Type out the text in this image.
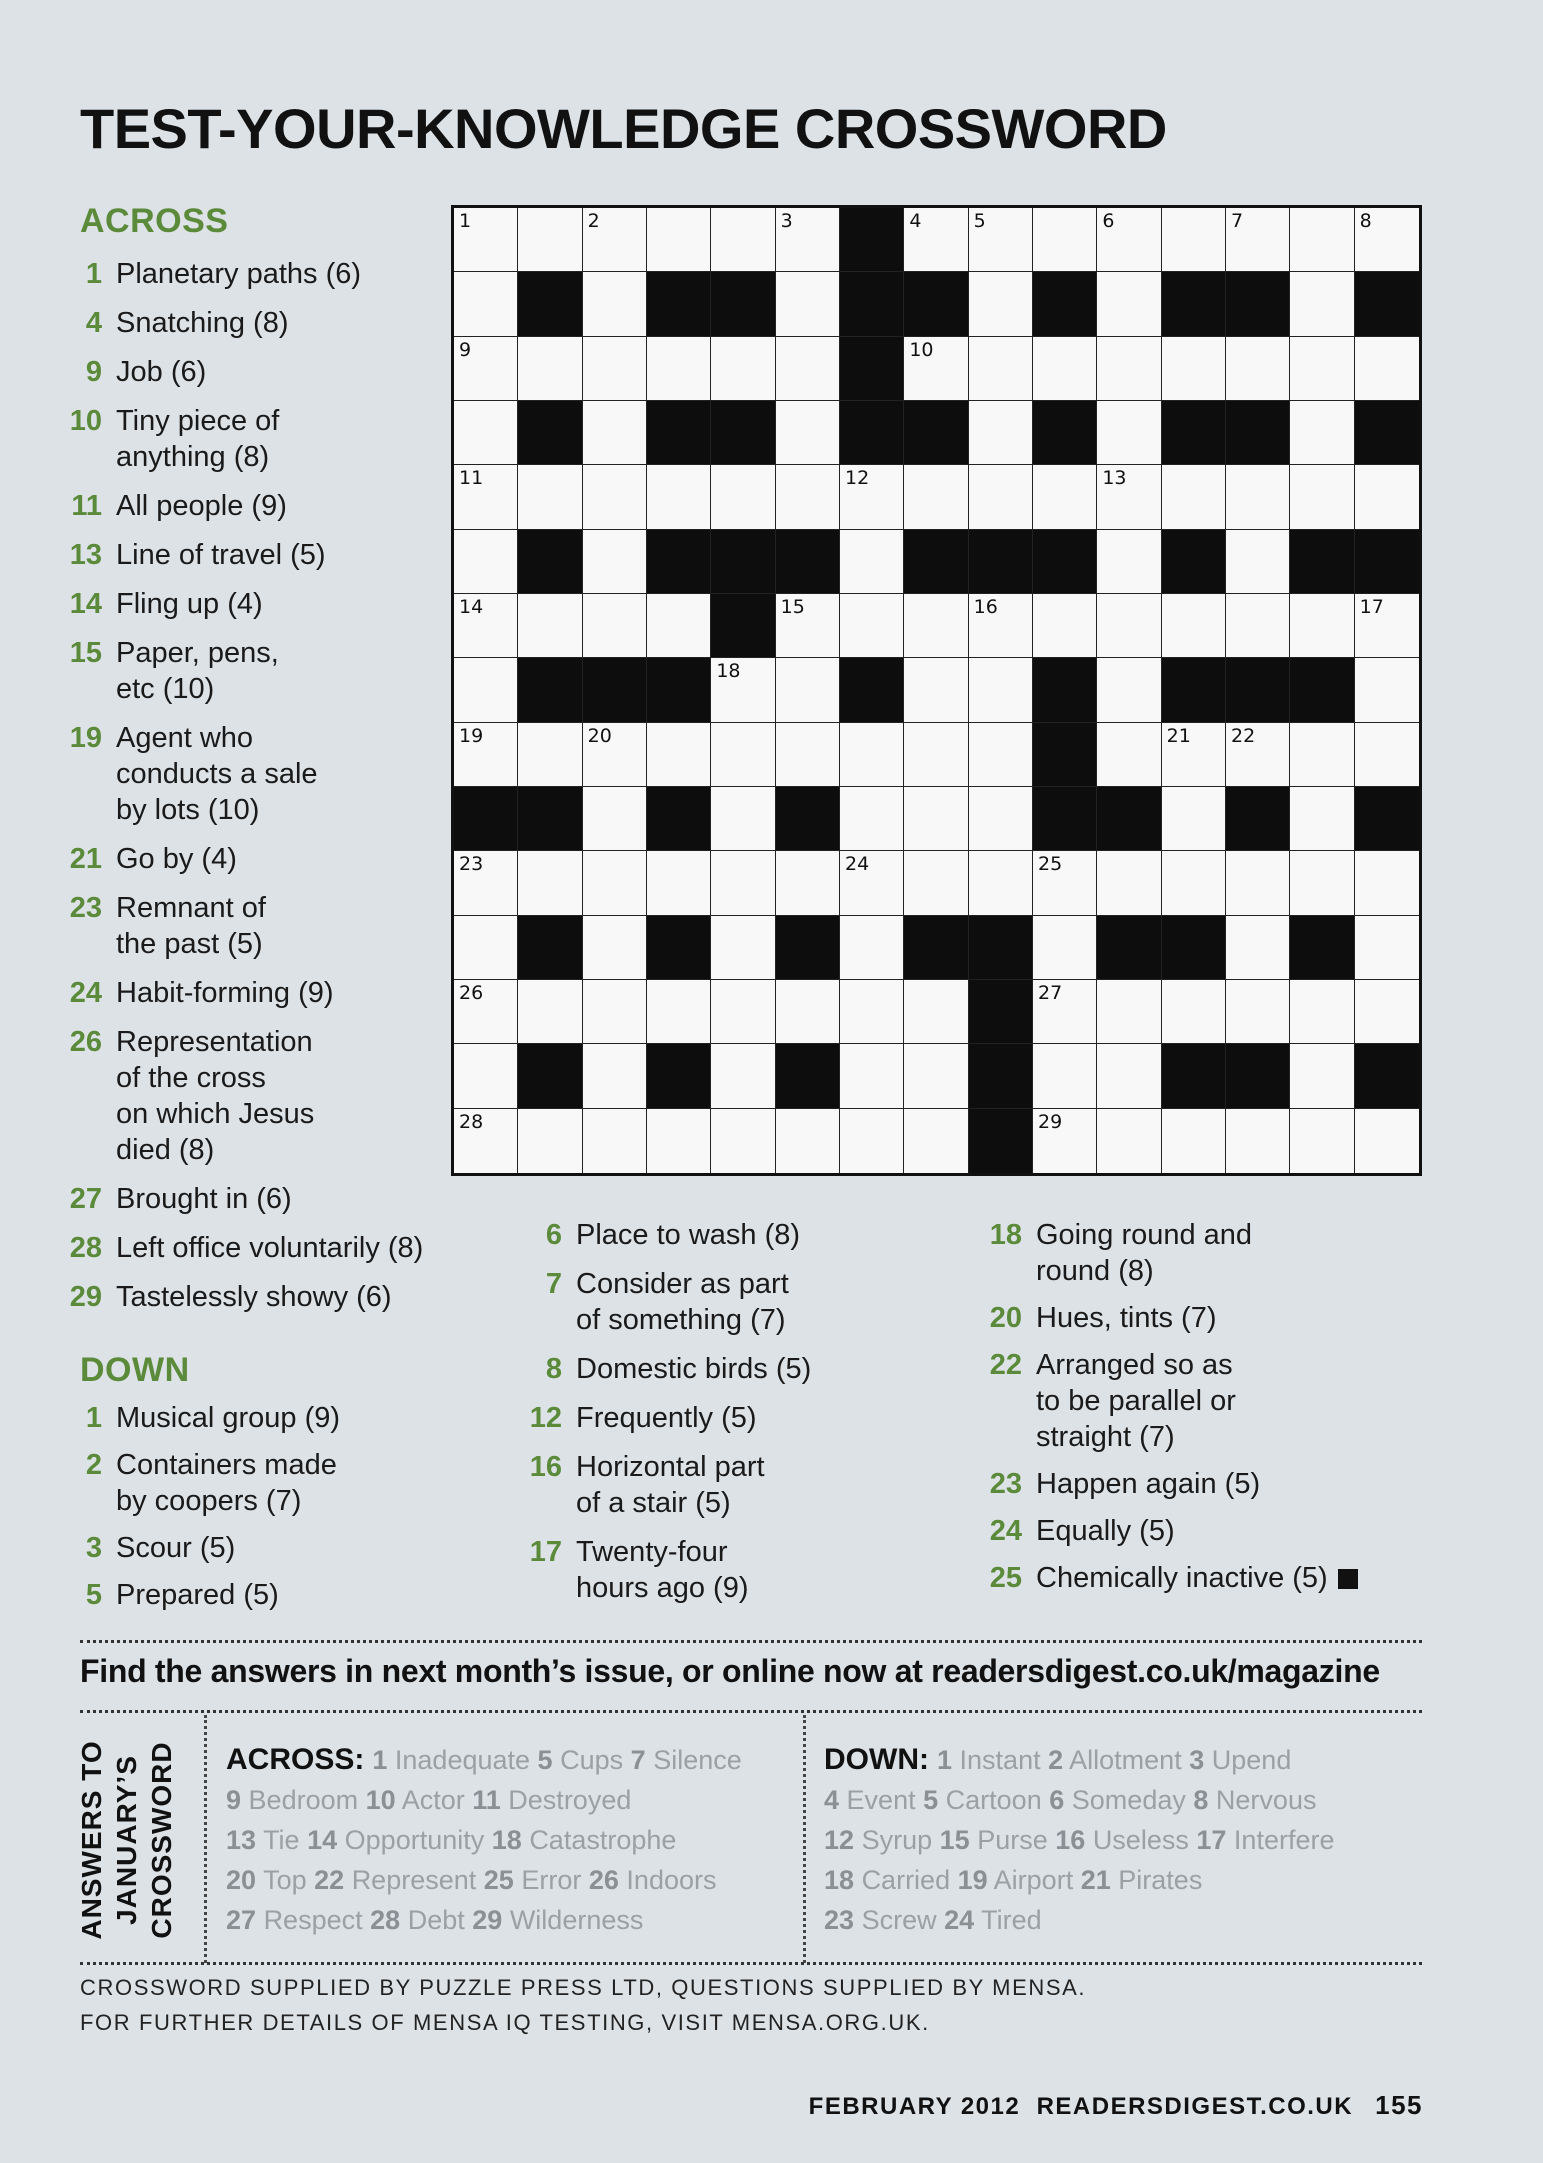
TEST-YOUR-KNOWLEDGE CROSSWORD
ACROSS
1 Planetary paths (6)
4 Snatching (8)
9 Job (6)
10 Tiny piece of
anything (8)
11 All people (9)
13 Line of travel (5)
14 Fling up (4)
15 Paper, pens,
etc (10)
19 Agent who
conducts a sale
by lots (10)
21 Go by (4)
23 Remnant of
the past (5)
24 Habit-forming (9)
26 Representation
of the cross
on which Jesus
died (8)
27 Brought in (6)
28 Left office voluntarily (8)
29 Tastelessly showy (6)
DOWN
1 Musical group (9)
2 Containers made
by coopers (7)
3 Scour (5)
5 Prepared (5)
6 Place to wash (8)
7 Consider as part
of something (7)
8 Domestic birds (5)
12 Frequently (5)
16 Horizontal part
of a stair (5)
17 Twenty-four
hours ago (9)
18 Going round and
round (8)
20 Hues, tints (7)
22 Arranged so as
to be parallel or
straight (7)
23 Happen again (5)
24 Equally (5)
25 Chemically inactive (5)
1	2	3	4	5	6	7	8
9	10
11	12	13
14	15	16	17
18
19	20	21 22
23	24	25
26	27
28	29

Find the answers in next month’s issue, or online now at readersdigest.co.uk/magazine

ANSWERS TO JANUARY’S CROSSWORD ACROSS: 1 Inadequate 5 Cups 7 Silence
9 Bedroom 10 Actor 11 Destroyed
13 Tie 14 Opportunity 18 Catastrophe
20 Top 22 Represent 25 Error 26 Indoors
27 Respect 28 Debt 29 Wilderness
DOWN: 1 Instant 2 Allotment 3 Upend
4 Event 5 Cartoon 6 Someday 8 Nervous
12 Syrup 15 Purse 16 Useless 17 Interfere
18 Carried 19 Airport 21 Pirates
23 Screw 24 Tired

CROSSWORD SUPPLIED BY PUZZLE PRESS LTD, QUESTIONS SUPPLIED BY MENSA.
FOR FURTHER DETAILS OF MENSA IQ TESTING, VISIT MENSA.ORG.UK.

FEBRUARY 2012  READERSDIGEST.CO.UK 155
